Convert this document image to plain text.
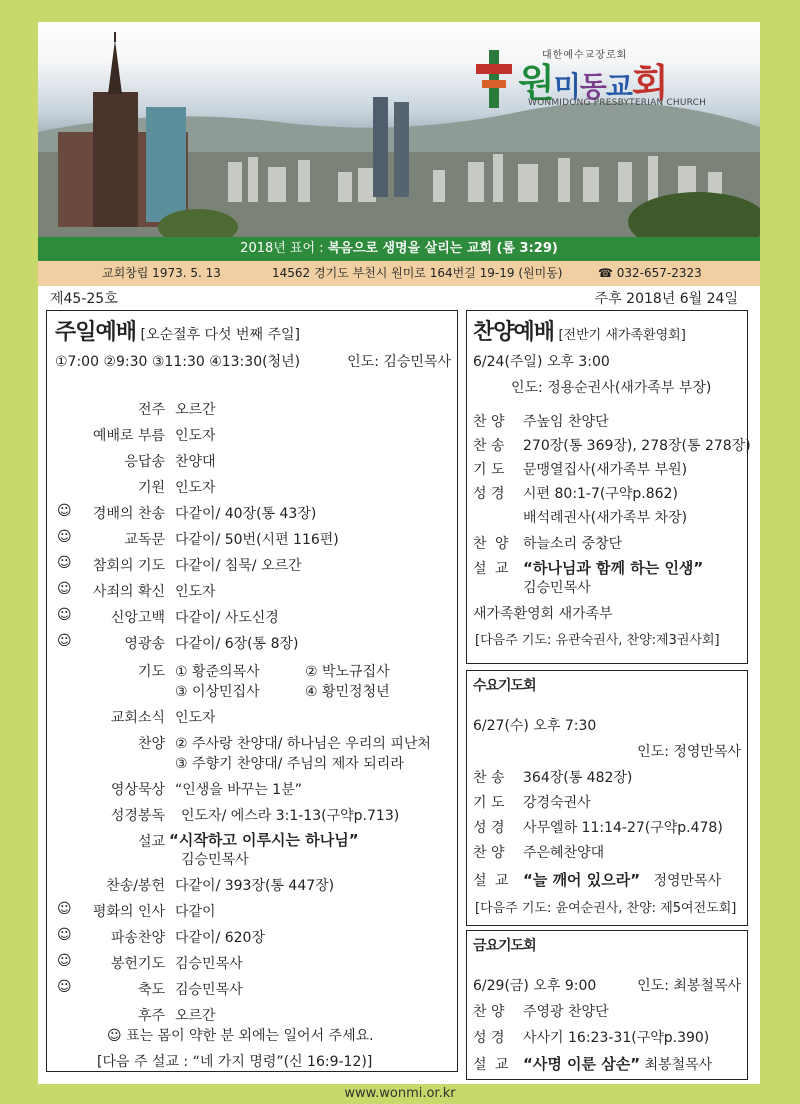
대한예수교장로회
원미동교회
WONMIDONG PRESBYTERIAN CHURCH
2018년 표어 : 복음으로 생명을 살리는 교회 (롬 3:29)
교회창립 1973. 5. 13	14562 경기도 부천시 원미로 164번길 19-19 (원미동)	☎ 032-657-2323
제45-25호	주후 2018년 6월 24일
주일예배 [오순절후 다섯 번째 주일]
①7:00 ②9:30 ③11:30 ④13:30(청년)	인도: 김승민목사
전주 오르간
예배로 부름 인도자
응답송 찬양대
기원 인도자
☺	경배의 찬송 다같이/ 40장(통 43장)
☺	교독문 다같이/ 50번(시편 116편)
☺	참회의 기도 다같이/ 침묵/ 오르간
☺	사죄의 확신 인도자
☺	신앙고백 다같이/ 사도신경
☺	영광송 다같이/ 6장(통 8장)
기도 ① 황준의목사	② 박노규집사
③ 이상민집사	④ 황민정청년
교회소식 인도자
찬양 ② 주사랑 찬양대/ 하나님은 우리의 피난처
③ 주향기 찬양대/ 주님의 제자 되리라
영상묵상 “인생을 바꾸는 1분”
성경봉독 인도자/ 에스라 3:1-13(구약p.713)
설교 “시작하고 이루시는 하나님”
김승민목사
찬송/봉헌 다같이/ 393장(통 447장)
☺	평화의 인사 다같이
☺	파송찬양 다같이/ 620장
☺	봉헌기도 김승민목사
☺	축도 김승민목사
후주 오르간
☺ 표는 몸이 약한 분 외에는 일어서 주세요.
[다음 주 설교 : “네 가지 명령”(신 16:9-12)]
찬양예배 [전반기 새가족환영회]
6/24(주일) 오후 3:00
인도: 정용순권사(새가족부 부장)
찬 양 주높임 찬양단
찬 송 270장(통 369장), 278장(통 278장)
기 도 문맹열집사(새가족부 부원)
성 경 시편 80:1-7(구약p.862)
배석례권사(새가족부 차장)
찬 양 하늘소리 중창단
설 교 “하나님과 함께 하는 인생”
김승민목사
새가족환영회 새가족부
[다음주 기도: 유관숙권사, 찬양:제3권사회]
수요기도회
6/27(수) 오후 7:30
인도: 정영만목사
찬 송 364장(통 482장)
기 도 강경숙권사
성 경 사무엘하 11:14-27(구약p.478)
찬 양 주은혜찬양대
설 교 “늘 깨어 있으라” 정영만목사
[다음주 기도: 윤여순권사, 찬양: 제5여전도회]
금요기도회
6/29(금) 오후 9:00	인도: 최봉철목사
찬 양 주영광 찬양단
성 경 사사기 16:23-31(구약p.390)
설 교 “사명 이룬 삼손” 최봉철목사
www.wonmi.or.kr
